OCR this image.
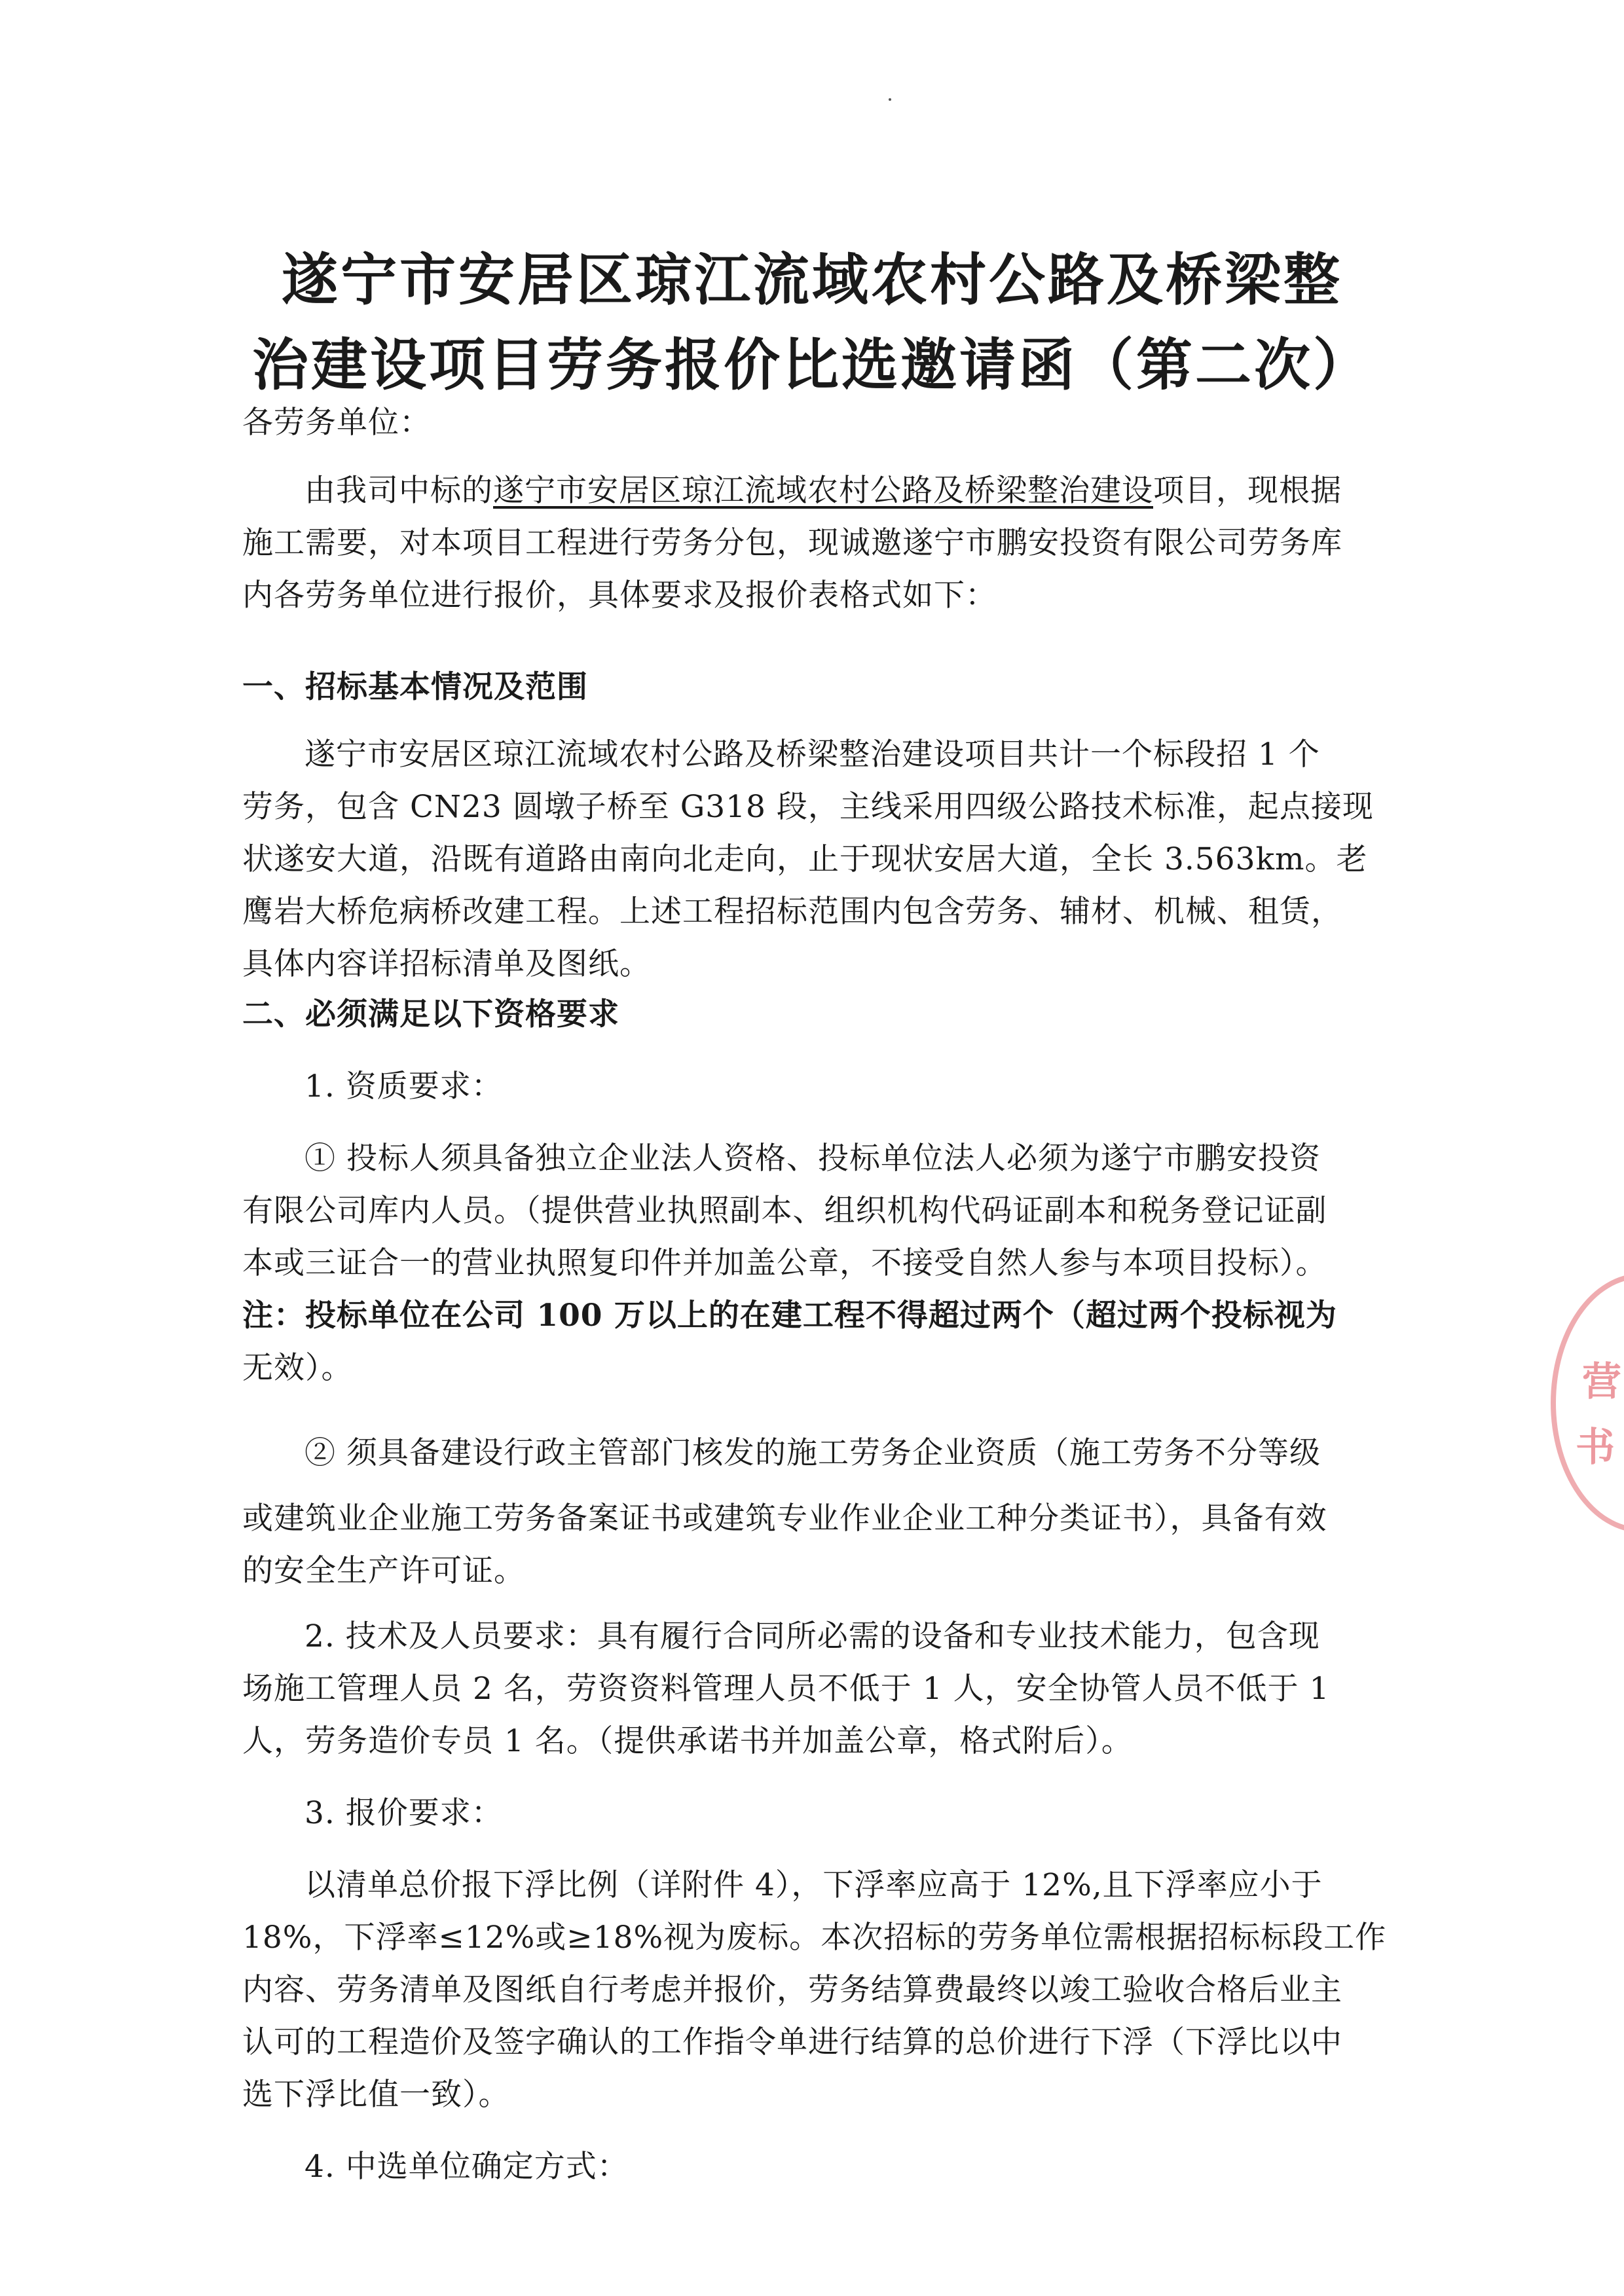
遂宁市安居区琼江流域农村公路及桥梁整
治建设项目劳务报价比选邀请函（第二次）
各劳务单位：
由我司中标的遂宁市安居区琼江流域农村公路及桥梁整治建设项目，现根据
施工需要，对本项目工程进行劳务分包，现诚邀遂宁市鹏安投资有限公司劳务库
内各劳务单位进行报价，具体要求及报价表格式如下：
一、招标基本情况及范围
遂宁市安居区琼江流域农村公路及桥梁整治建设项目共计一个标段招 1 个
劳务，包含 CN23 圆墩子桥至 G318 段，主线采用四级公路技术标准，起点接现
状遂安大道，沿既有道路由南向北走向，止于现状安居大道，全长 3.563km。老
鹰岩大桥危病桥改建工程。上述工程招标范围内包含劳务、辅材、机械、租赁，
具体内容详招标清单及图纸。
二、必须满足以下资格要求
1. 资质要求：
① 投标人须具备独立企业法人资格、投标单位法人必须为遂宁市鹏安投资
有限公司库内人员。（提供营业执照副本、组织机构代码证副本和税务登记证副
本或三证合一的营业执照复印件并加盖公章，不接受自然人参与本项目投标）。
注：投标单位在公司 100 万以上的在建工程不得超过两个（超过两个投标视为
无效）。
② 须具备建设行政主管部门核发的施工劳务企业资质（施工劳务不分等级
或建筑业企业施工劳务备案证书或建筑专业作业企业工种分类证书），具备有效
的安全生产许可证。
2. 技术及人员要求：具有履行合同所必需的设备和专业技术能力，包含现
场施工管理人员 2 名，劳资资料管理人员不低于 1 人，安全协管人员不低于 1
人，劳务造价专员 1 名。（提供承诺书并加盖公章，格式附后）。
3. 报价要求：
以清单总价报下浮比例（详附件 4），下浮率应高于 12%,且下浮率应小于
18%，下浮率≤12%或≥18%视为废标。本次招标的劳务单位需根据招标标段工作
内容、劳务清单及图纸自行考虑并报价，劳务结算费最终以竣工验收合格后业主
认可的工程造价及签字确认的工作指令单进行结算的总价进行下浮（下浮比以中
选下浮比值一致）。
4. 中选单位确定方式：
营
书
